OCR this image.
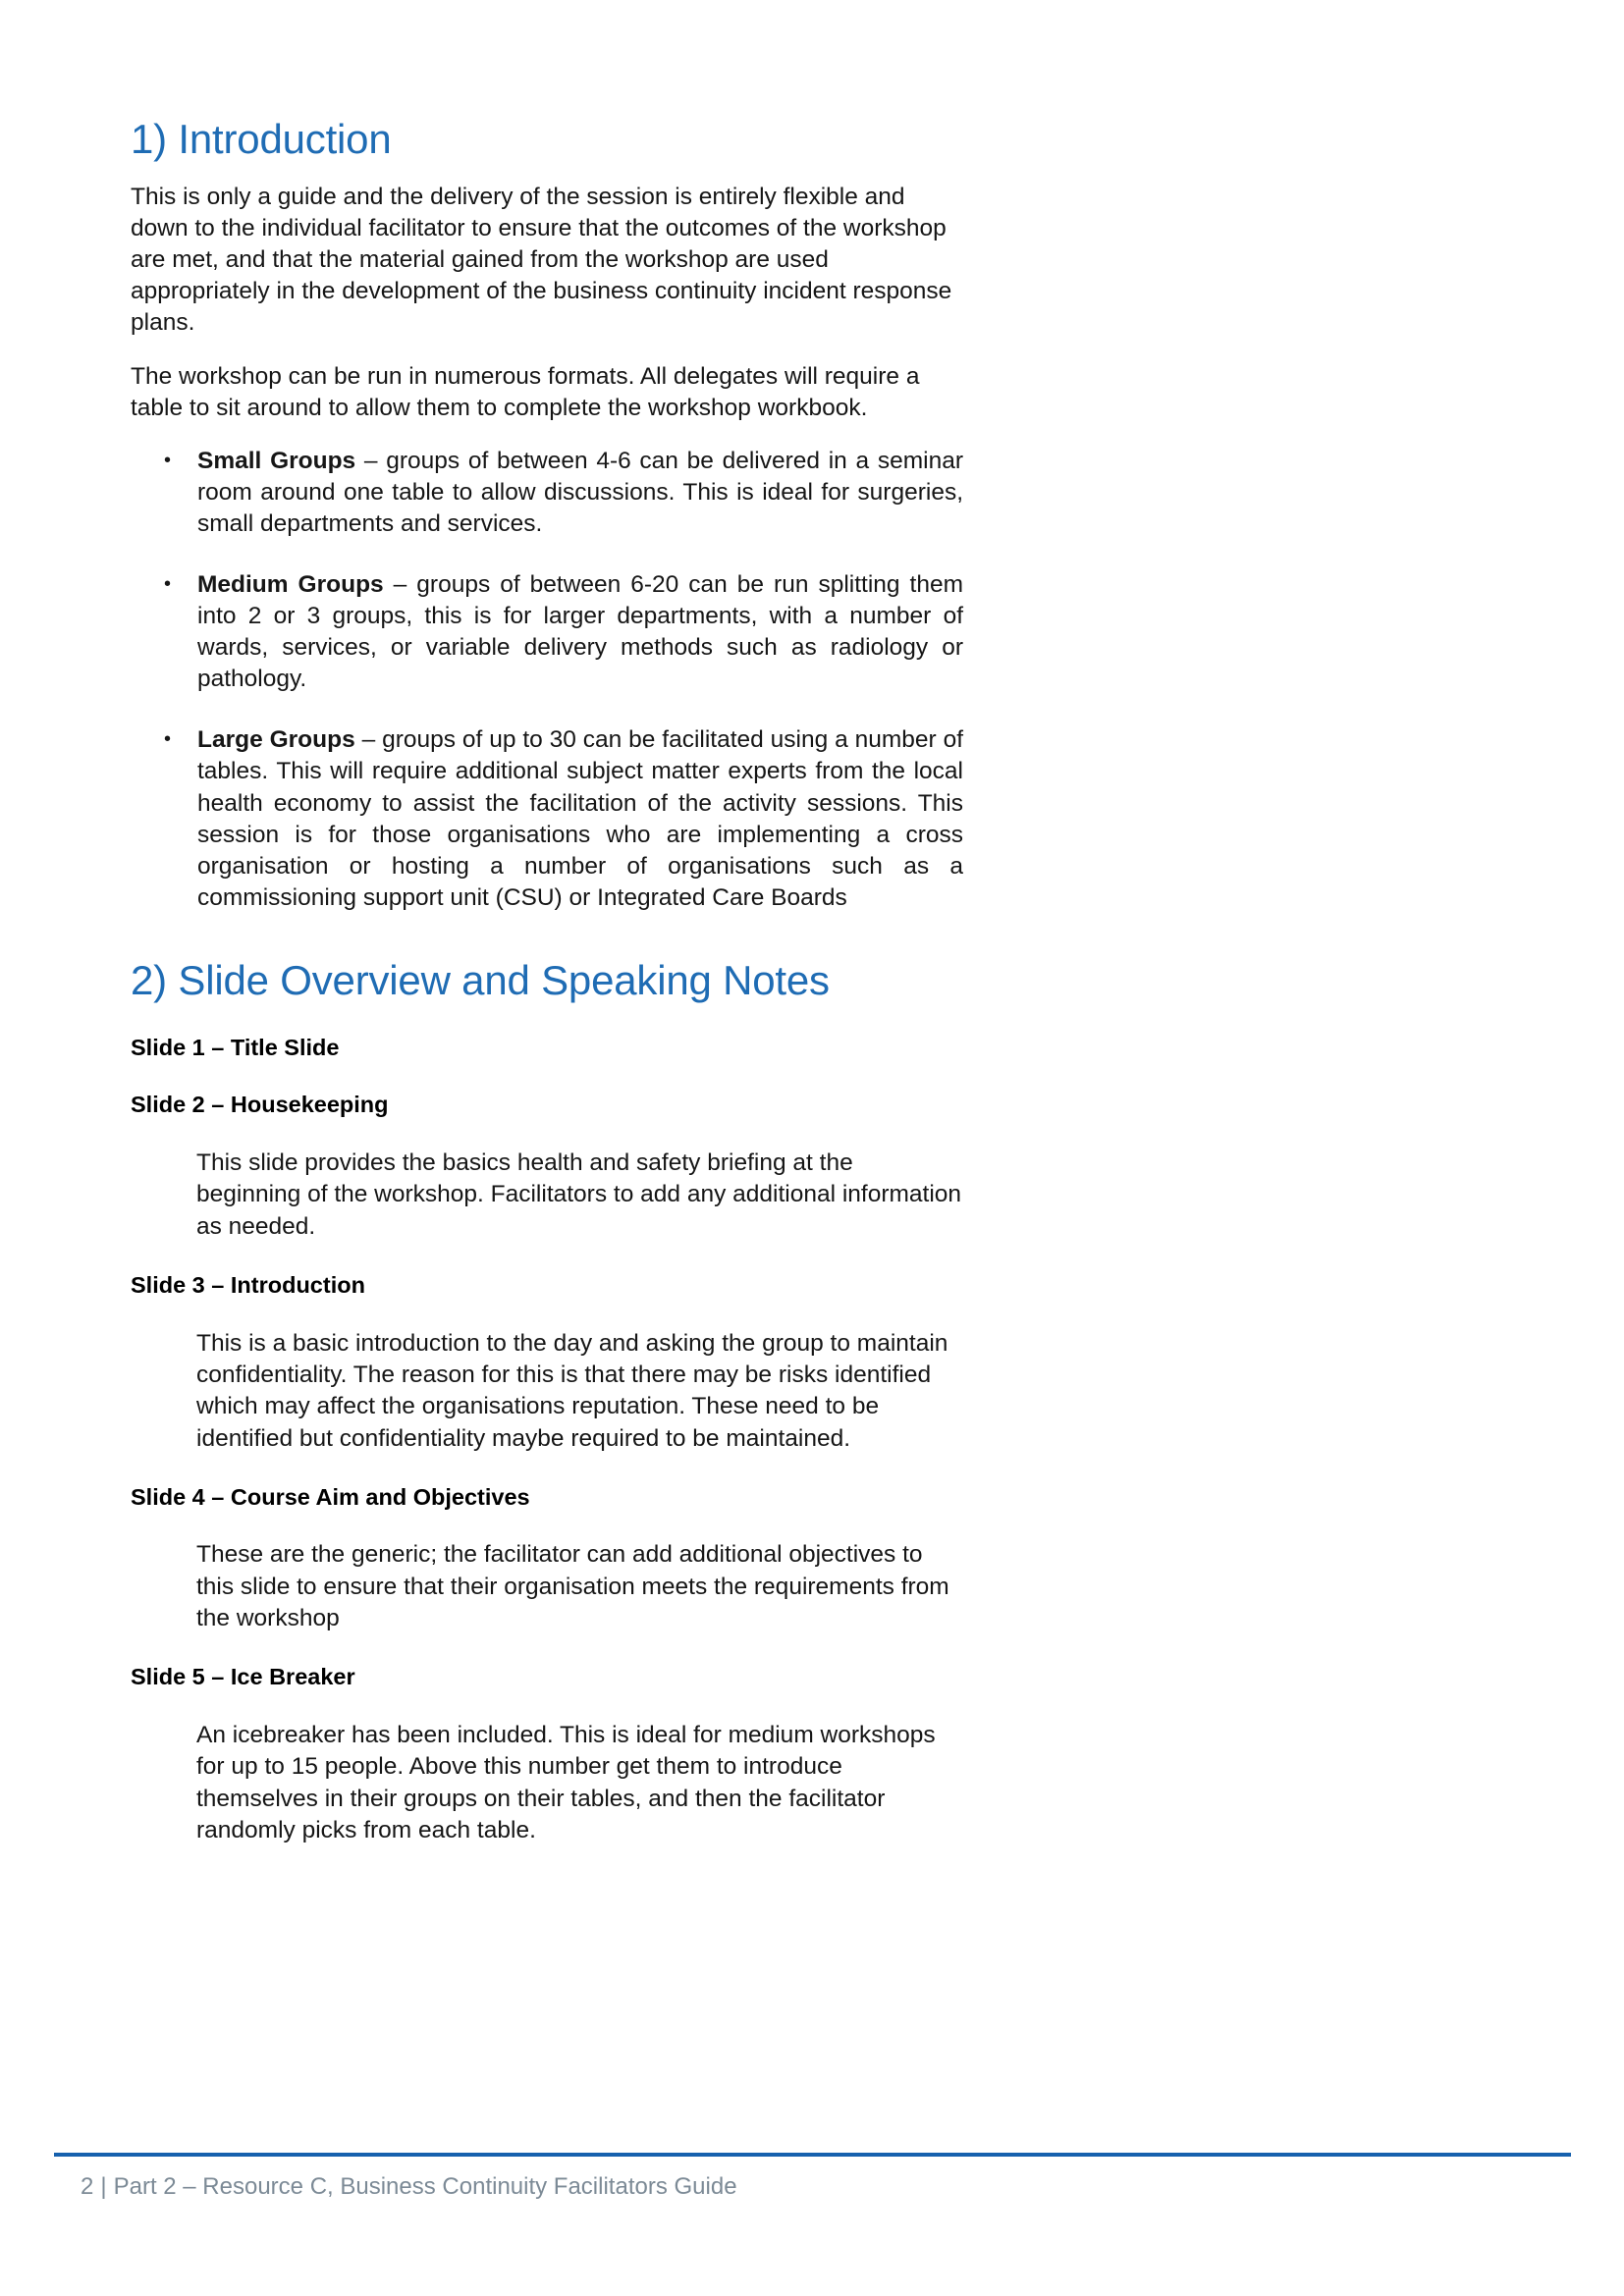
1) Introduction

This is only a guide and the delivery of the session is entirely flexible and down to the individual facilitator to ensure that the outcomes of the workshop are met, and that the material gained from the workshop are used appropriately in the development of the business continuity incident response plans.

The workshop can be run in numerous formats. All delegates will require a table to sit around to allow them to complete the workshop workbook.

• Small Groups – groups of between 4-6 can be delivered in a seminar room around one table to allow discussions. This is ideal for surgeries, small departments and services.
• Medium Groups – groups of between 6-20 can be run splitting them into 2 or 3 groups, this is for larger departments, with a number of wards, services, or variable delivery methods such as radiology or pathology.
• Large Groups – groups of up to 30 can be facilitated using a number of tables. This will require additional subject matter experts from the local health economy to assist the facilitation of the activity sessions. This session is for those organisations who are implementing a cross organisation or hosting a number of organisations such as a commissioning support unit (CSU) or Integrated Care Boards
2) Slide Overview and Speaking Notes
Slide 1 – Title Slide
Slide 2 – Housekeeping

This slide provides the basics health and safety briefing at the beginning of the workshop. Facilitators to add any additional information as needed.

Slide 3 – Introduction

This is a basic introduction to the day and asking the group to maintain confidentiality. The reason for this is that there may be risks identified which may affect the organisations reputation. These need to be identified but confidentiality maybe required to be maintained.

Slide 4 – Course Aim and Objectives

These are the generic; the facilitator can add additional objectives to this slide to ensure that their organisation meets the requirements from the workshop

Slide 5 – Ice Breaker

An icebreaker has been included. This is ideal for medium workshops for up to 15 people. Above this number get them to introduce themselves in their groups on their tables, and then the facilitator randomly picks from each table.

2 | Part 2 – Resource C, Business Continuity Facilitators Guide
